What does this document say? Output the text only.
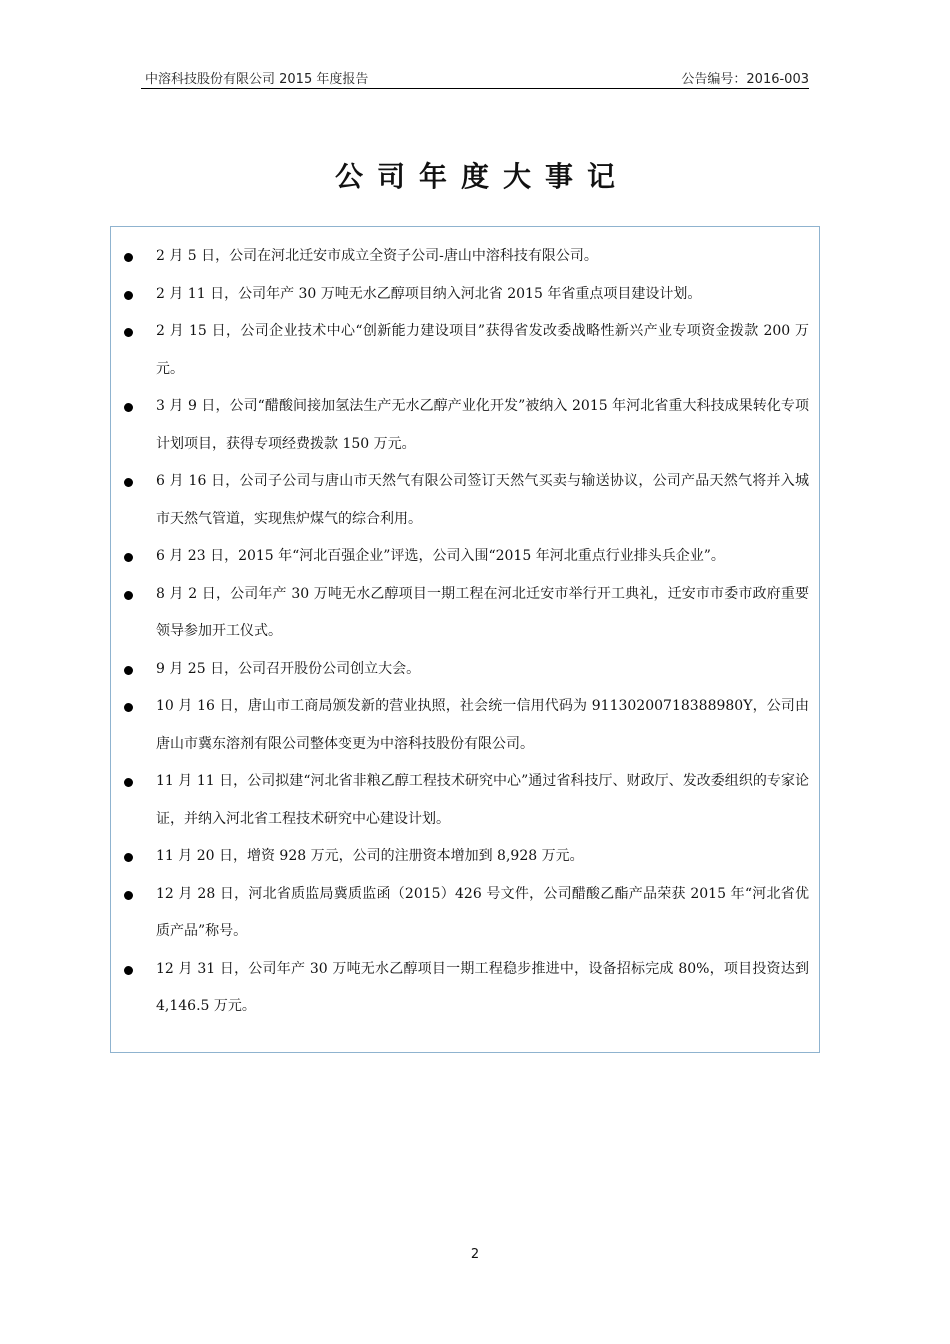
中溶科技股份有限公司 2015 年度报告	公告编号：2016-003
公司年度大事记
2 月 5 日，公司在河北迁安市成立全资子公司-唐山中溶科技有限公司。
2 月 11 日，公司年产 30 万吨无水乙醇项目纳入河北省 2015 年省重点项目建设计划。
2 月 15 日，公司企业技术中心“创新能力建设项目”获得省发改委战略性新兴产业专项资金拨款 200 万元。
3 月 9 日，公司“醋酸间接加氢法生产无水乙醇产业化开发”被纳入 2015 年河北省重大科技成果转化专项计划项目，获得专项经费拨款 150 万元。
6 月 16 日，公司子公司与唐山市天然气有限公司签订天然气买卖与输送协议，公司产品天然气将并入城市天然气管道，实现焦炉煤气的综合利用。
6 月 23 日，2015 年“河北百强企业”评选，公司入围“2015 年河北重点行业排头兵企业”。
8 月 2 日，公司年产 30 万吨无水乙醇项目一期工程在河北迁安市举行开工典礼，迁安市市委市政府重要领导参加开工仪式。
9 月 25 日，公司召开股份公司创立大会。
10 月 16 日，唐山市工商局颁发新的营业执照，社会统一信用代码为 91130200718388980Y，公司由唐山市冀东溶剂有限公司整体变更为中溶科技股份有限公司。
11 月 11 日，公司拟建“河北省非粮乙醇工程技术研究中心”通过省科技厅、财政厅、发改委组织的专家论证，并纳入河北省工程技术研究中心建设计划。
11 月 20 日，增资 928 万元，公司的注册资本增加到 8,928 万元。
12 月 28 日，河北省质监局冀质监函（2015）426 号文件，公司醋酸乙酯产品荣获 2015 年“河北省优质产品”称号。
12 月 31 日，公司年产 30 万吨无水乙醇项目一期工程稳步推进中，设备招标完成 80%，项目投资达到 4,146.5 万元。
2
